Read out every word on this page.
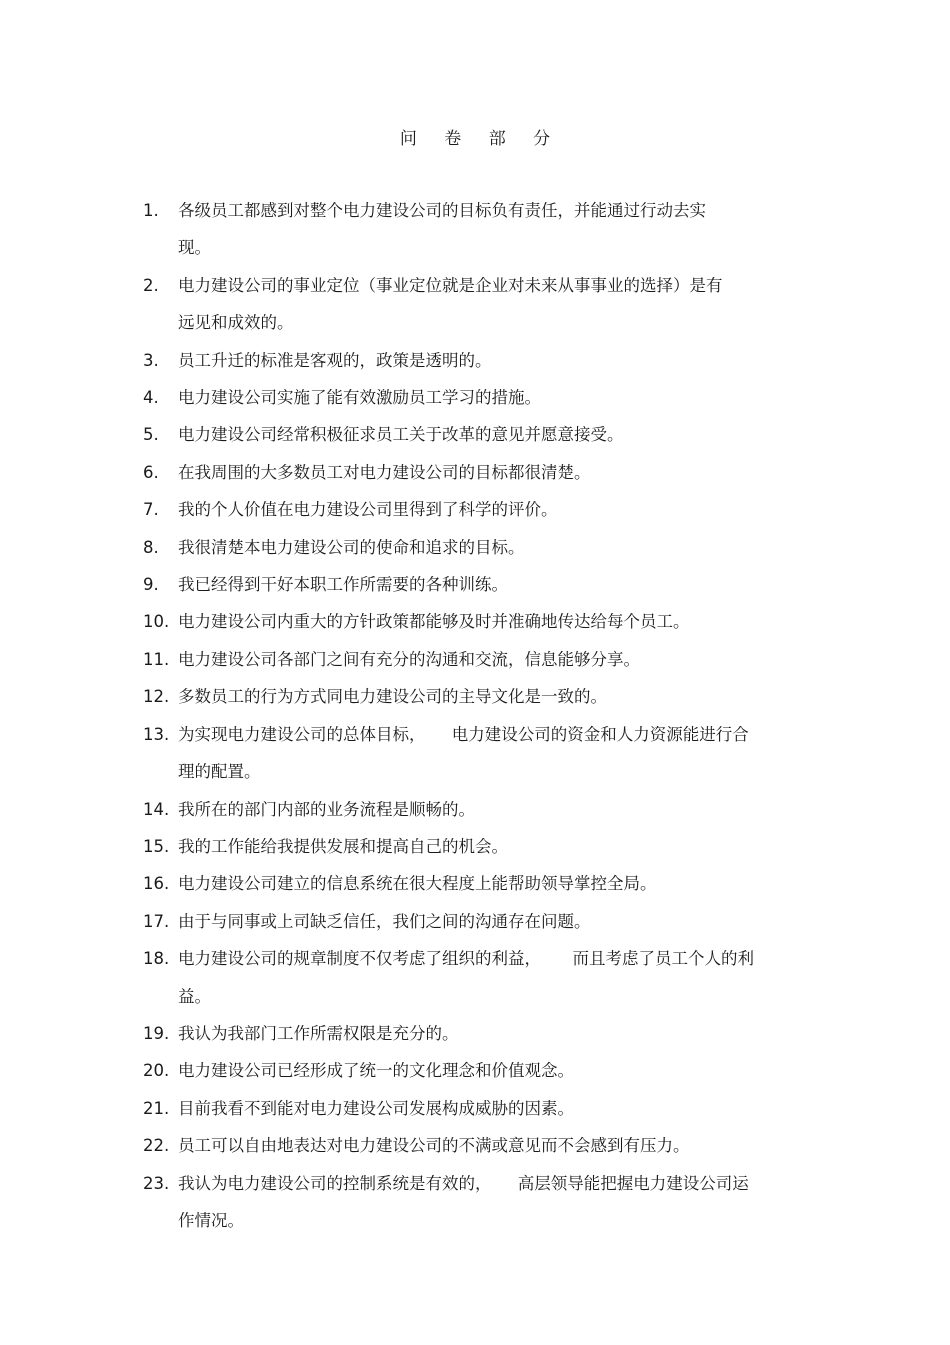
问 卷 部 分
1.	各级员工都感到对整个电力建设公司的目标负有责任，并能通过行动去实
现。
2.	电力建设公司的事业定位（事业定位就是企业对未来从事事业的选择）是有
远见和成效的。
3.	员工升迁的标准是客观的，政策是透明的。
4.	电力建设公司实施了能有效激励员工学习的措施。
5.	电力建设公司经常积极征求员工关于改革的意见并愿意接受。
6.	在我周围的大多数员工对电力建设公司的目标都很清楚。
7.	我的个人价值在电力建设公司里得到了科学的评价。
8.	我很清楚本电力建设公司的使命和追求的目标。
9.	我已经得到干好本职工作所需要的各种训练。
10. 电力建设公司内重大的方针政策都能够及时并准确地传达给每个员工。
11. 电力建设公司各部门之间有充分的沟通和交流，信息能够分享。
12. 多数员工的行为方式同电力建设公司的主导文化是一致的。
13. 为实现电力建设公司的总体目标，     电力建设公司的资金和人力资源能进行合
理的配置。
14. 我所在的部门内部的业务流程是顺畅的。
15. 我的工作能给我提供发展和提高自己的机会。
16. 电力建设公司建立的信息系统在很大程度上能帮助领导掌控全局。
17. 由于与同事或上司缺乏信任，我们之间的沟通存在问题。
18. 电力建设公司的规章制度不仅考虑了组织的利益，      而且考虑了员工个人的利
益。
19. 我认为我部门工作所需权限是充分的。
20. 电力建设公司已经形成了统一的文化理念和价值观念。
21. 目前我看不到能对电力建设公司发展构成威胁的因素。
22. 员工可以自由地表达对电力建设公司的不满或意见而不会感到有压力。
23. 我认为电力建设公司的控制系统是有效的，     高层领导能把握电力建设公司运
作情况。
